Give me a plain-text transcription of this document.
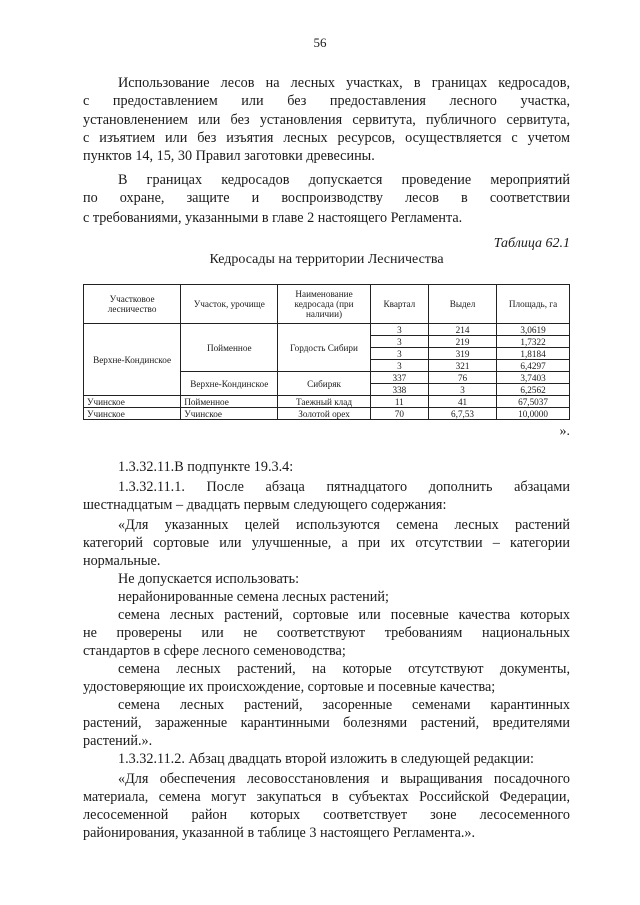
56
Использование лесов на лесных участках, в границах кедросадов,
с предоставлением или без предоставления лесного участка,
установленением или без установления сервитута, публичного сервитута,
с изъятием или без изъятия лесных ресурсов, осуществляется с учетом
пунктов 14, 15, 30 Правил заготовки древесины.
В границах кедросадов допускается проведение мероприятий
по охране, защите и воспроизводству лесов в соответствии
с требованиями, указанными в главе 2 настоящего Регламента.
Таблица 62.1
Кедросады на территории Лесничества
Участковое лесничество	Участок, урочище	Наименование кедросада (при наличии)	Квартал	Выдел	Площадь, га
Верхне-Кондинское	Пойменное	Гордость Сибири	3	214	3,0619
			3	219	1,7322
			3	319	1,8184
			3	321	6,4297
	Верхне-Кондинское	Сибиряк	337	76	3,7403
			338	3	6,2562
Учинское	Пойменное	Таежный клад	11	41	67,5037
Учинское	Учинское	Золотой орех	70	6,7,53	10,0000
».
1.3.32.11.В подпункте 19.3.4:
1.3.32.11.1. После абзаца пятнадцатого дополнить абзацами
шестнадцатым – двадцать первым следующего содержания:
«Для указанных целей используются семена лесных растений
категорий сортовые или улучшенные, а при их отсутствии – категории
нормальные.
Не допускается использовать:
нерайонированные семена лесных растений;
семена лесных растений, сортовые или посевные качества которых
не проверены или не соответствуют требованиям национальных
стандартов в сфере лесного семеноводства;
семена лесных растений, на которые отсутствуют документы,
удостоверяющие их происхождение, сортовые и посевные качества;
семена лесных растений, засоренные семенами карантинных
растений, зараженные карантинными болезнями растений, вредителями
растений.».
1.3.32.11.2. Абзац двадцать второй изложить в следующей редакции:
«Для обеспечения лесовосстановления и выращивания посадочного
материала, семена могут закупаться в субъектах Российской Федерации,
лесосеменной район которых соответствует зоне лесосеменного
районирования, указанной в таблице 3 настоящего Регламента.».
